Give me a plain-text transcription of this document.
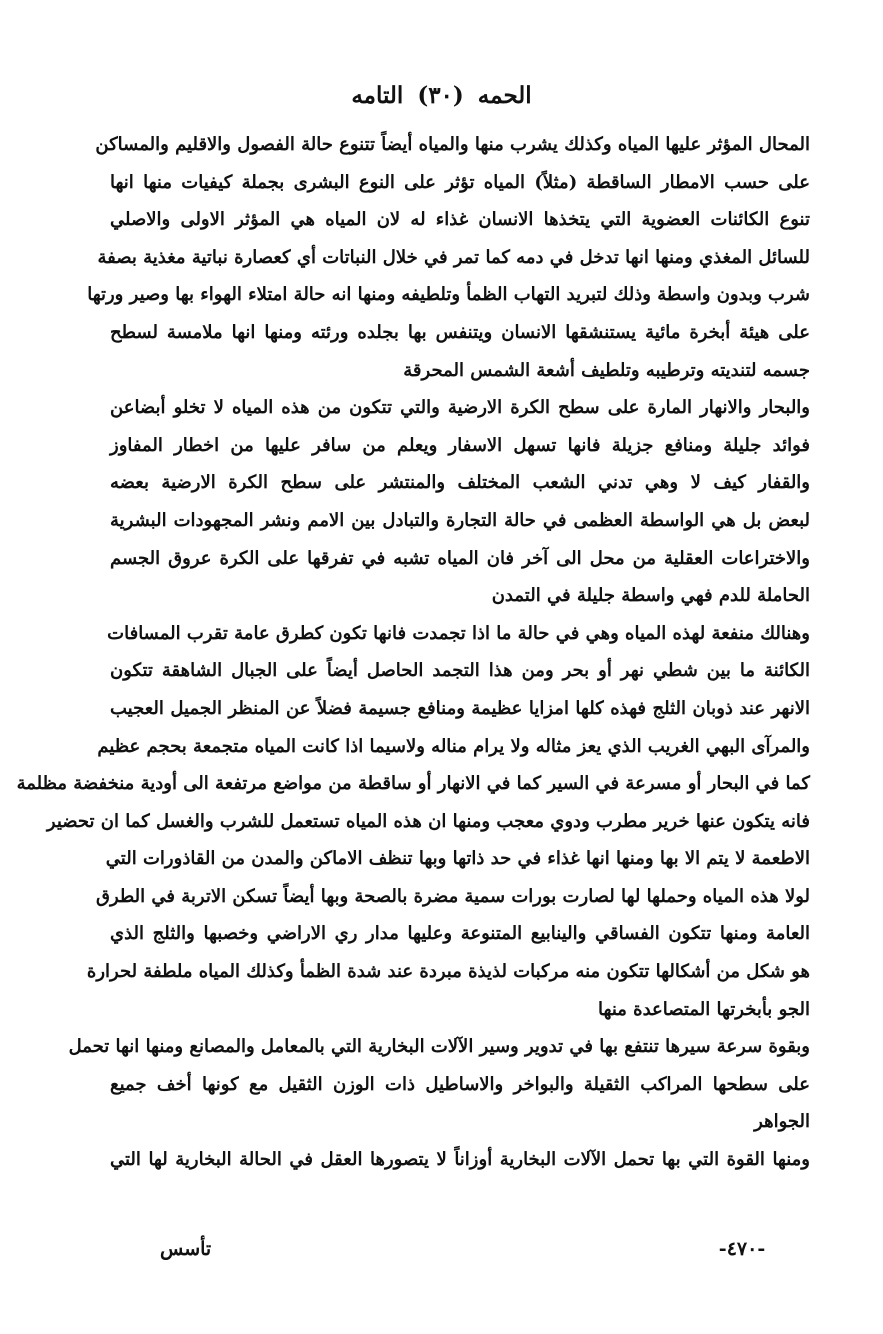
الحمه (٣٠) التامه
المحال المؤثر عليها المياه وكذلك يشرب منها والمياه أيضاً تتنوع حالة الفصول والاقليم والمساكن
على حسب الامطار الساقطة (مثلاً) المياه تؤثر على النوع البشرى بجملة كيفيات منها انها
تنوع الكائنات العضوية التي يتخذها الانسان غذاء له لان المياه هي المؤثر الاولى والاصلي
للسائل المغذي ومنها انها تدخل في دمه كما تمر في خلال النباتات أي كعصارة نباتية مغذية بصفة
شرب وبدون واسطة وذلك لتبريد التهاب الظمأ وتلطيفه ومنها انه حالة امتلاء الهواء بها وصير ورتها
على هيئة أبخرة مائية يستنشقها الانسان ويتنفس بها بجلده ورئته ومنها انها ملامسة لسطح
جسمه لتنديته وترطيبه وتلطيف أشعة الشمس المحرقة
والبحار والانهار المارة على سطح الكرة الارضية والتي تتكون من هذه المياه لا تخلو أبضاعن
فوائد جليلة ومنافع جزيلة فانها تسهل الاسفار ويعلم من سافر عليها من اخطار المفاوز
والقفار كيف لا وهي تدني الشعب المختلف والمنتشر على سطح الكرة الارضية بعضه
لبعض بل هي الواسطة العظمى في حالة التجارة والتبادل بين الامم ونشر المجهودات البشرية
والاختراعات العقلية من محل الى آخر فان المياه تشبه في تفرقها على الكرة عروق الجسم
الحاملة للدم فهي واسطة جليلة في التمدن
وهنالك منفعة لهذه المياه وهي في حالة ما اذا تجمدت فانها تكون كطرق عامة تقرب المسافات
الكائنة ما بين شطي نهر أو بحر ومن هذا التجمد الحاصل أيضاً على الجبال الشاهقة تتكون
الانهر عند ذوبان الثلج فهذه كلها امزايا عظيمة ومنافع جسيمة فضلاً عن المنظر الجميل العجيب
والمرآى البهي الغريب الذي يعز مثاله ولا يرام مناله ولاسيما اذا كانت المياه متجمعة بحجم عظيم
كما في البحار أو مسرعة في السير كما في الانهار أو ساقطة من مواضع مرتفعة الى أودية منخفضة مظلمة
فانه يتكون عنها خرير مطرب ودوي معجب ومنها ان هذه المياه تستعمل للشرب والغسل كما ان تحضير
الاطعمة لا يتم الا بها ومنها انها غذاء في حد ذاتها وبها تنظف الاماكن والمدن من القاذورات التي
لولا هذه المياه وحملها لها لصارت بورات سمية مضرة بالصحة وبها أيضاً تسكن الاتربة في الطرق
العامة ومنها تتكون الفساقي والينابيع المتنوعة وعليها مدار ري الاراضي وخصبها والثلج الذي
هو شكل من أشكالها تتكون منه مركبات لذيذة مبردة عند شدة الظمأ وكذلك المياه ملطفة لحرارة
الجو بأبخرتها المتصاعدة منها
وبقوة سرعة سيرها تنتفع بها في تدوير وسير الآلات البخارية التي بالمعامل والمصانع ومنها انها تحمل
على سطحها المراكب الثقيلة والبواخر والاساطيل ذات الوزن الثقيل مع كونها أخف جميع
الجواهر
ومنها القوة التي بها تحمل الآلات البخارية أوزاناً لا يتصورها العقل في الحالة البخارية لها التي
-٤٧٠-
تأسس
